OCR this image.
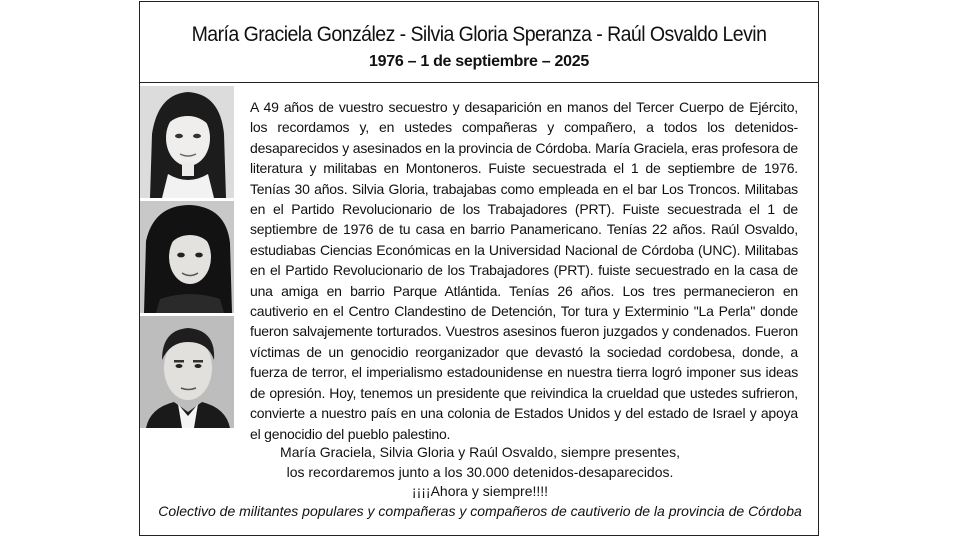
María Graciela González - Silvia Gloria Speranza - Raúl Osvaldo Levin
1976 – 1 de septiembre – 2025

A 49 años de vuestro secuestro y desaparición en manos del Tercer Cuerpo de Ejército, los recordamos y, en ustedes compañeras y compañero, a todos los detenidos-desaparecidos y asesinados en la provincia de Córdoba. María Graciela, eras profesora de literatura y militabas en Montoneros. Fuiste secuestrada el 1 de septiembre de 1976. Tenías 30 años. Silvia Gloria, trabajabas como empleada en el bar Los Troncos. Militabas en el Partido Revolucionario de los Trabajadores (PRT). Fuiste secuestrada el 1 de septiembre de 1976 de tu casa en barrio Panamericano. Tenías 22 años. Raúl Osvaldo, estudiabas Ciencias Económicas en la Universidad Nacional de Córdoba (UNC). Militabas en el Partido Revolucionario de los Trabajadores (PRT). fuiste secuestrado en la casa de una amiga en barrio Parque Atlántida. Tenías 26 años. Los tres permanecieron en cautiverio en el Centro Clandestino de Detención, Tor tura y Exterminio "La Perla" donde fueron salvajemente torturados. Vuestros asesinos fueron juzgados y condenados. Fueron víctimas de un genocidio reorganizador que devastó la sociedad cordobesa, donde, a fuerza de terror, el imperialismo estadounidense en nuestra tierra logró imponer sus ideas de opresión. Hoy, tenemos un presidente que reivindica la crueldad que ustedes sufrieron, convierte a nuestro país en una colonia de Estados Unidos y del estado de Israel y apoya el genocidio del pueblo palestino.

María Graciela, Silvia Gloria y Raúl Osvaldo, siempre presentes,

los recordaremos junto a los 30.000 detenidos-desaparecidos.

¡¡¡¡Ahora y siempre!!!!

Colectivo de militantes populares y compañeras y compañeros de cautiverio de la provincia de Córdoba
